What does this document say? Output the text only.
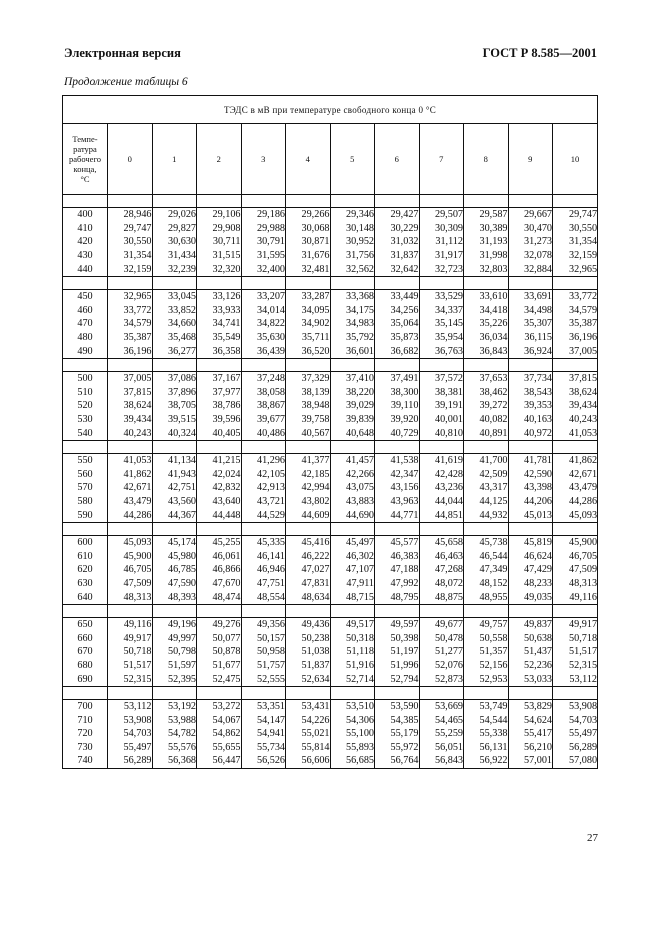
Электронная версия	ГОСТ Р 8.585—2001
Продолжение таблицы 6
ТЭДС в мВ при температуре свободного конца 0 °С											

Темпе-
ратура
рабочего
конца,
°С	0	1	2	3	4	5	6	7	8	9	10

400	28,946	29,026	29,106	29,186	29,266	29,346	29,427	29,507	29,587	29,667	29,747
410	29,747	29,827	29,908	29,988	30,068	30,148	30,229	30,309	30,389	30,470	30,550
420	30,550	30,630	30,711	30,791	30,871	30,952	31,032	31,112	31,193	31,273	31,354
430	31,354	31,434	31,515	31,595	31,676	31,756	31,837	31,917	31,998	32,078	32,159
440	32,159	32,239	32,320	32,400	32,481	32,562	32,642	32,723	32,803	32,884	32,965

450	32,965	33,045	33,126	33,207	33,287	33,368	33,449	33,529	33,610	33,691	33,772
460	33,772	33,852	33,933	34,014	34,095	34,175	34,256	34,337	34,418	34,498	34,579
470	34,579	34,660	34,741	34,822	34,902	34,983	35,064	35,145	35,226	35,307	35,387
480	35,387	35,468	35,549	35,630	35,711	35,792	35,873	35,954	36,034	36,115	36,196
490	36,196	36,277	36,358	36,439	36,520	36,601	36,682	36,763	36,843	36,924	37,005

500	37,005	37,086	37,167	37,248	37,329	37,410	37,491	37,572	37,653	37,734	37,815
510	37,815	37,896	37,977	38,058	38,139	38,220	38,300	38,381	38,462	38,543	38,624
520	38,624	38,705	38,786	38,867	38,948	39,029	39,110	39,191	39,272	39,353	39,434
530	39,434	39,515	39,596	39,677	39,758	39,839	39,920	40,001	40,082	40,163	40,243
540	40,243	40,324	40,405	40,486	40,567	40,648	40,729	40,810	40,891	40,972	41,053

550	41,053	41,134	41,215	41,296	41,377	41,457	41,538	41,619	41,700	41,781	41,862
560	41,862	41,943	42,024	42,105	42,185	42,266	42,347	42,428	42,509	42,590	42,671
570	42,671	42,751	42,832	42,913	42,994	43,075	43,156	43,236	43,317	43,398	43,479
580	43,479	43,560	43,640	43,721	43,802	43,883	43,963	44,044	44,125	44,206	44,286
590	44,286	44,367	44,448	44,529	44,609	44,690	44,771	44,851	44,932	45,013	45,093

600	45,093	45,174	45,255	45,335	45,416	45,497	45,577	45,658	45,738	45,819	45,900
610	45,900	45,980	46,061	46,141	46,222	46,302	46,383	46,463	46,544	46,624	46,705
620	46,705	46,785	46,866	46,946	47,027	47,107	47,188	47,268	47,349	47,429	47,509
630	47,509	47,590	47,670	47,751	47,831	47,911	47,992	48,072	48,152	48,233	48,313
640	48,313	48,393	48,474	48,554	48,634	48,715	48,795	48,875	48,955	49,035	49,116

650	49,116	49,196	49,276	49,356	49,436	49,517	49,597	49,677	49,757	49,837	49,917
660	49,917	49,997	50,077	50,157	50,238	50,318	50,398	50,478	50,558	50,638	50,718
670	50,718	50,798	50,878	50,958	51,038	51,118	51,197	51,277	51,357	51,437	51,517
680	51,517	51,597	51,677	51,757	51,837	51,916	51,996	52,076	52,156	52,236	52,315
690	52,315	52,395	52,475	52,555	52,634	52,714	52,794	52,873	52,953	53,033	53,112

700	53,112	53,192	53,272	53,351	53,431	53,510	53,590	53,669	53,749	53,829	53,908
710	53,908	53,988	54,067	54,147	54,226	54,306	54,385	54,465	54,544	54,624	54,703
720	54,703	54,782	54,862	54,941	55,021	55,100	55,179	55,259	55,338	55,417	55,497
730	55,497	55,576	55,655	55,734	55,814	55,893	55,972	56,051	56,131	56,210	56,289
740	56,289	56,368	56,447	56,526	56,606	56,685	56,764	56,843	56,922	57,001	57,080
27
